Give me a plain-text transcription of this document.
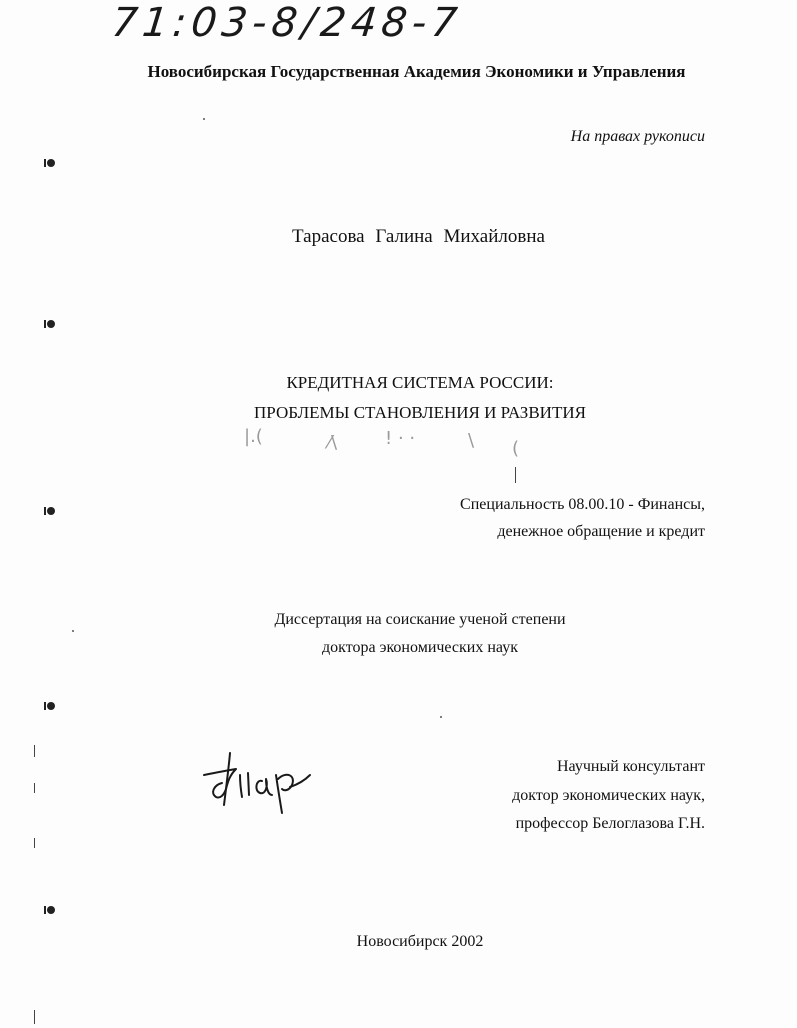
71:03-8/248-7
Новосибирская Государственная Академия Экономики и Управления
На правах рукописи
Тарасова Галина Михайловна
КРЕДИТНАЯ СИСТЕМА РОССИИ:
ПРОБЛЕМЫ СТАНОВЛЕНИЯ И РАЗВИТИЯ
|.(	⁄\	! · ·	\ (
Специальность 08.00.10 - Финансы,
денежное обращение и кредит
Диссертация на соискание ученой степени
доктора экономических наук
Научный консультант
доктор экономических наук,
профессор Белоглазова Г.Н.
Новосибирск 2002
